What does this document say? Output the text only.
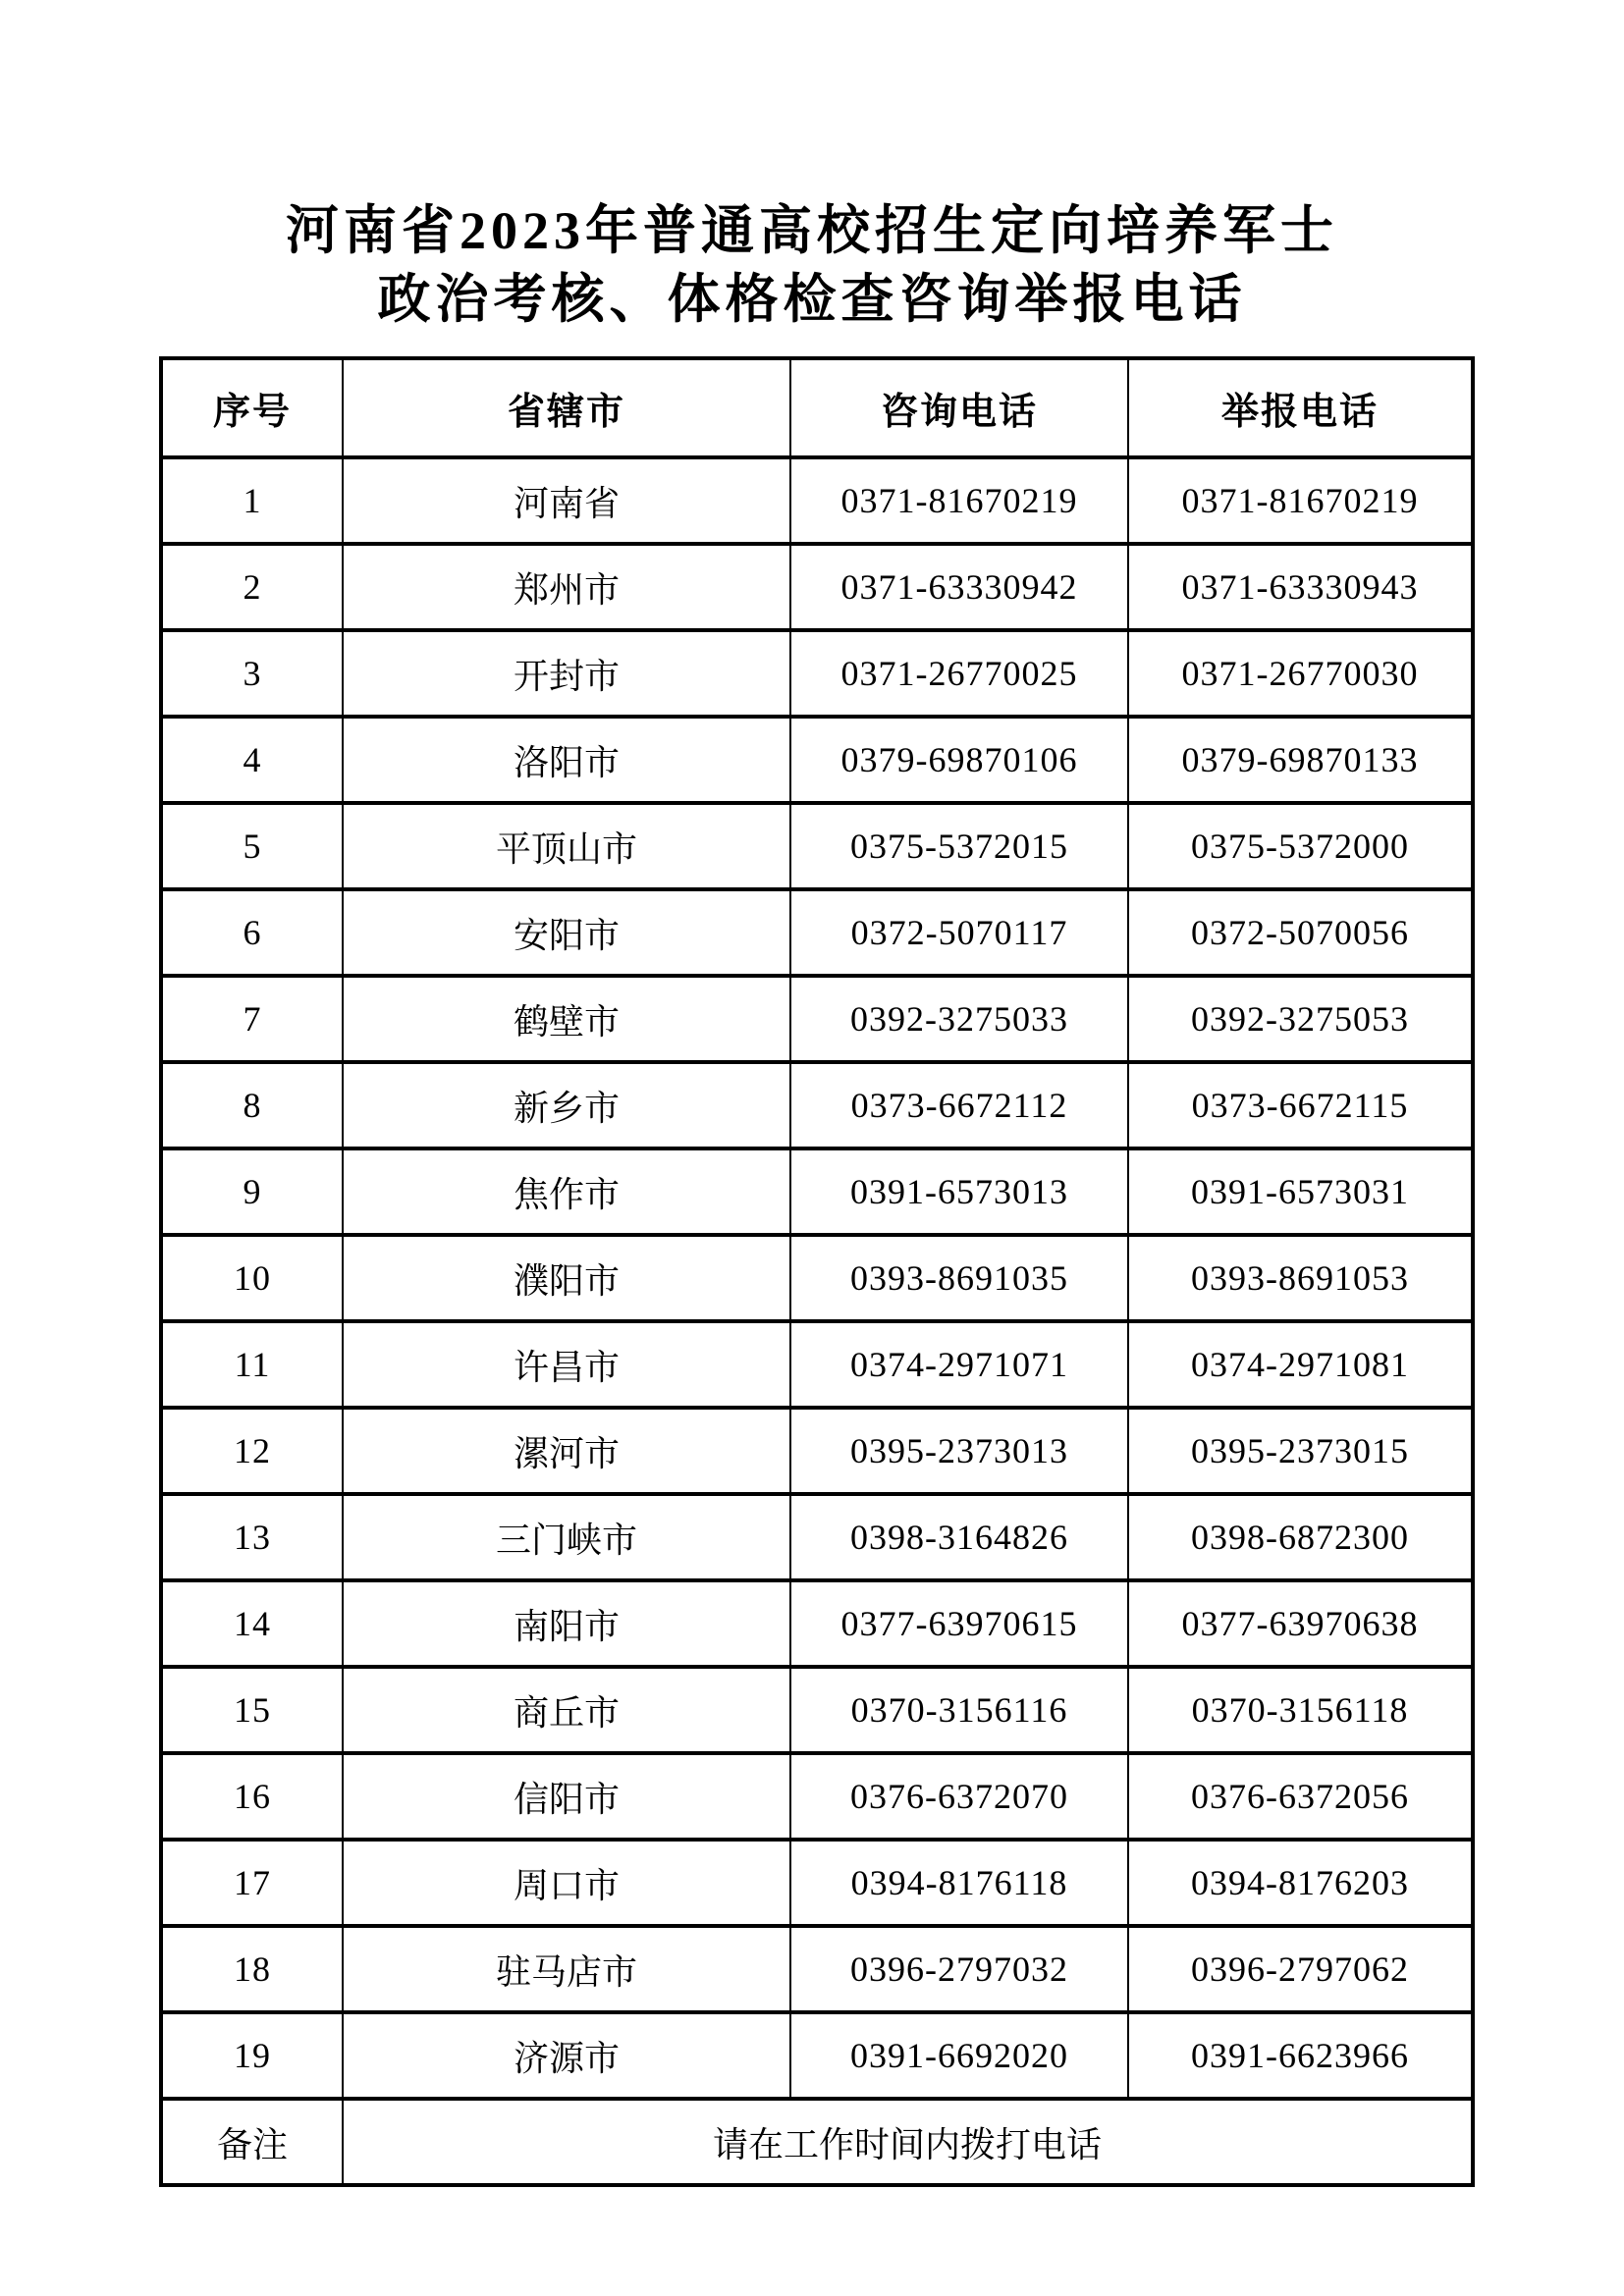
河南省2023年普通高校招生定向培养军士
政治考核、体格检查咨询举报电话
序号	省辖市	咨询电话	举报电话
1	河南省	0371-81670219	0371-81670219
2	郑州市	0371-63330942	0371-63330943
3	开封市	0371-26770025	0371-26770030
4	洛阳市	0379-69870106	0379-69870133
5	平顶山市	0375-5372015	0375-5372000
6	安阳市	0372-5070117	0372-5070056
7	鹤壁市	0392-3275033	0392-3275053
8	新乡市	0373-6672112	0373-6672115
9	焦作市	0391-6573013	0391-6573031
10	濮阳市	0393-8691035	0393-8691053
11	许昌市	0374-2971071	0374-2971081
12	漯河市	0395-2373013	0395-2373015
13	三门峡市	0398-3164826	0398-6872300
14	南阳市	0377-63970615	0377-63970638
15	商丘市	0370-3156116	0370-3156118
16	信阳市	0376-6372070	0376-6372056
17	周口市	0394-8176118	0394-8176203
18	驻马店市	0396-2797032	0396-2797062
19	济源市	0391-6692020	0391-6623966
备注	请在工作时间内拨打电话		
